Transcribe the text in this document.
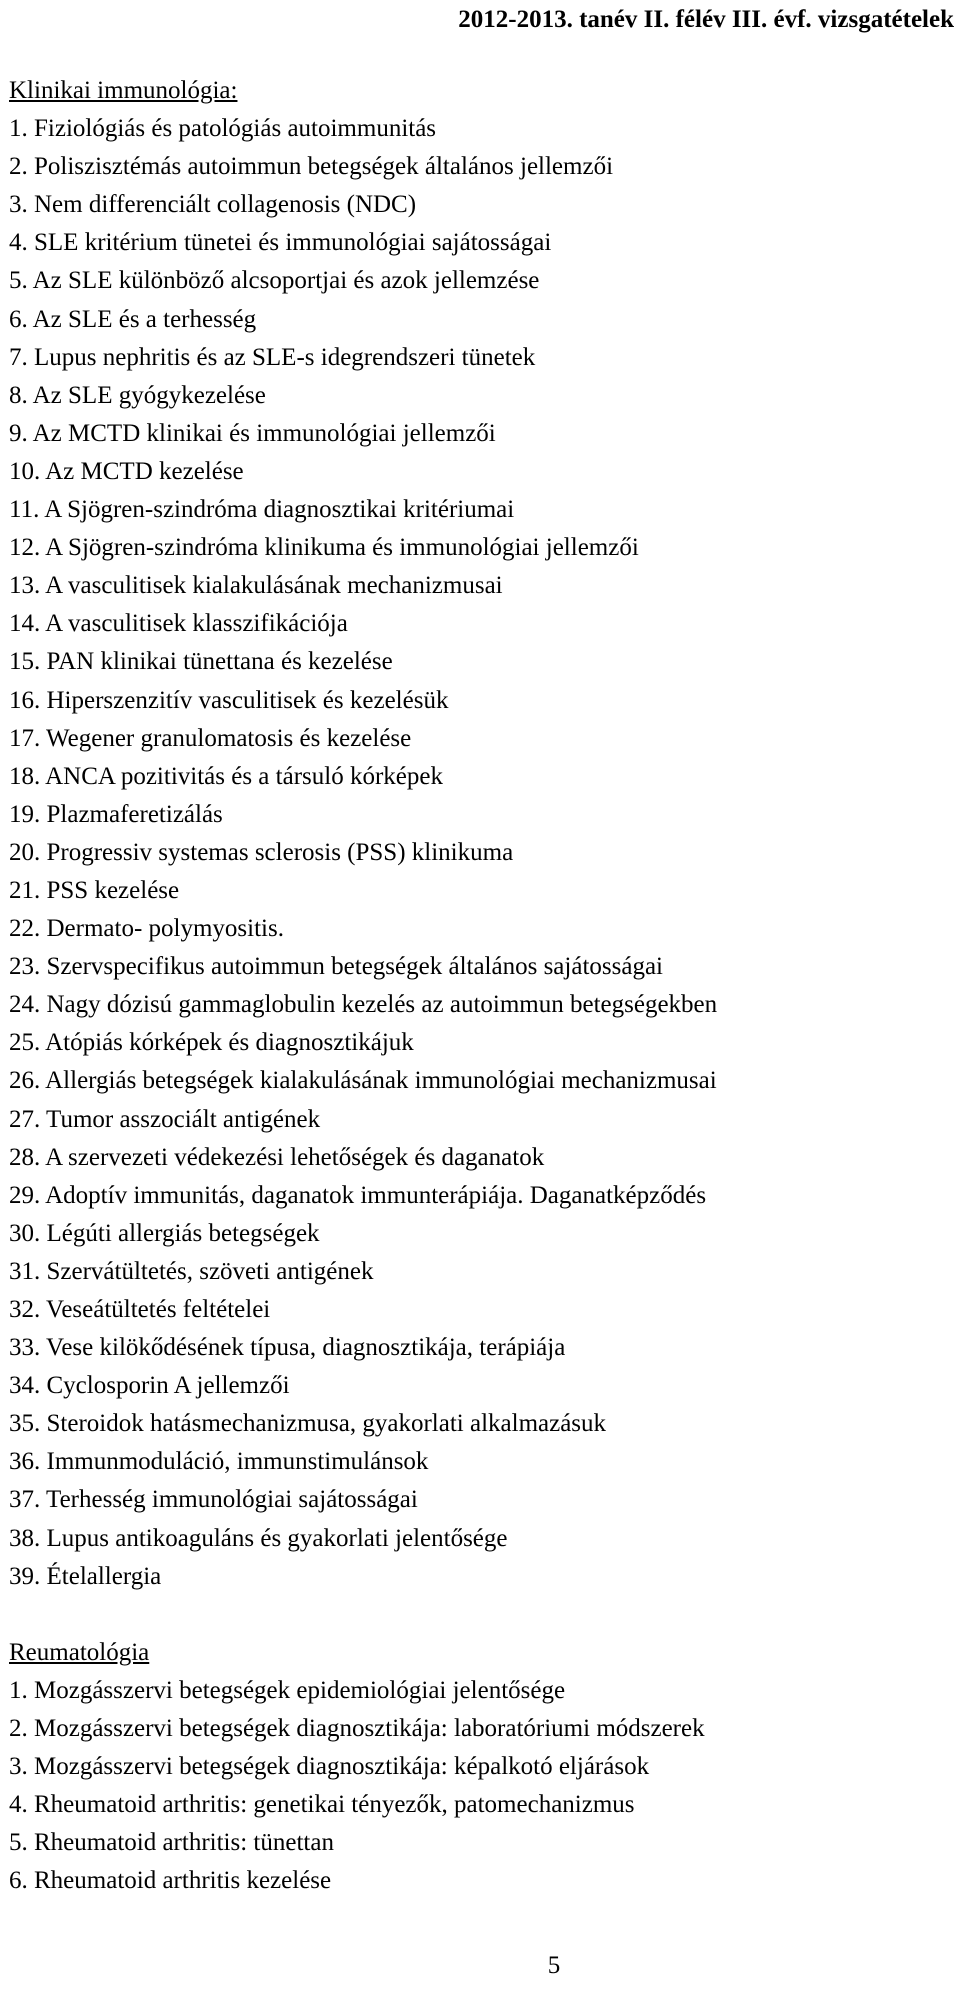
2012-2013. tanév II. félév III. évf. vizsgatételek
Klinikai immunológia:
1. Fiziológiás és patológiás autoimmunitás
2. Poliszisztémás autoimmun betegségek általános jellemzői
3. Nem differenciált collagenosis (NDC)
4. SLE kritérium tünetei és immunológiai sajátosságai
5. Az SLE különböző alcsoportjai és azok jellemzése
6. Az SLE és a terhesség
7. Lupus nephritis és az SLE-s idegrendszeri tünetek
8. Az SLE gyógykezelése
9. Az MCTD klinikai és immunológiai jellemzői
10. Az MCTD kezelése
11. A Sjögren-szindróma diagnosztikai kritériumai
12. A Sjögren-szindróma klinikuma és immunológiai jellemzői
13. A vasculitisek kialakulásának mechanizmusai
14. A vasculitisek klasszifikációja
15. PAN klinikai tünettana és kezelése
16. Hiperszenzitív vasculitisek és kezelésük
17. Wegener granulomatosis és kezelése
18. ANCA pozitivitás és a társuló kórképek
19. Plazmaferetizálás
20. Progressiv systemas sclerosis (PSS) klinikuma
21. PSS kezelése
22. Dermato- polymyositis.
23. Szervspecifikus autoimmun betegségek általános sajátosságai
24. Nagy dózisú gammaglobulin kezelés az autoimmun betegségekben
25. Atópiás kórképek és diagnosztikájuk
26. Allergiás betegségek kialakulásának immunológiai mechanizmusai
27. Tumor asszociált antigének
28. A szervezeti védekezési lehetőségek és daganatok
29. Adoptív immunitás, daganatok immunterápiája. Daganatképződés
30. Légúti allergiás betegségek
31. Szervátültetés, szöveti antigének
32. Veseátültetés feltételei
33. Vese kilökődésének típusa, diagnosztikája, terápiája
34. Cyclosporin A jellemzői
35. Steroidok hatásmechanizmusa, gyakorlati alkalmazásuk
36. Immunmoduláció, immunstimulánsok
37. Terhesség immunológiai sajátosságai
38. Lupus antikoaguláns és gyakorlati jelentősége
39. Ételallergia
Reumatológia
1. Mozgásszervi betegségek epidemiológiai jelentősége
2. Mozgásszervi betegségek diagnosztikája: laboratóriumi módszerek
3. Mozgásszervi betegségek diagnosztikája: képalkotó eljárások
4. Rheumatoid arthritis: genetikai tényezők, patomechanizmus
5. Rheumatoid arthritis: tünettan
6. Rheumatoid arthritis kezelése
5
